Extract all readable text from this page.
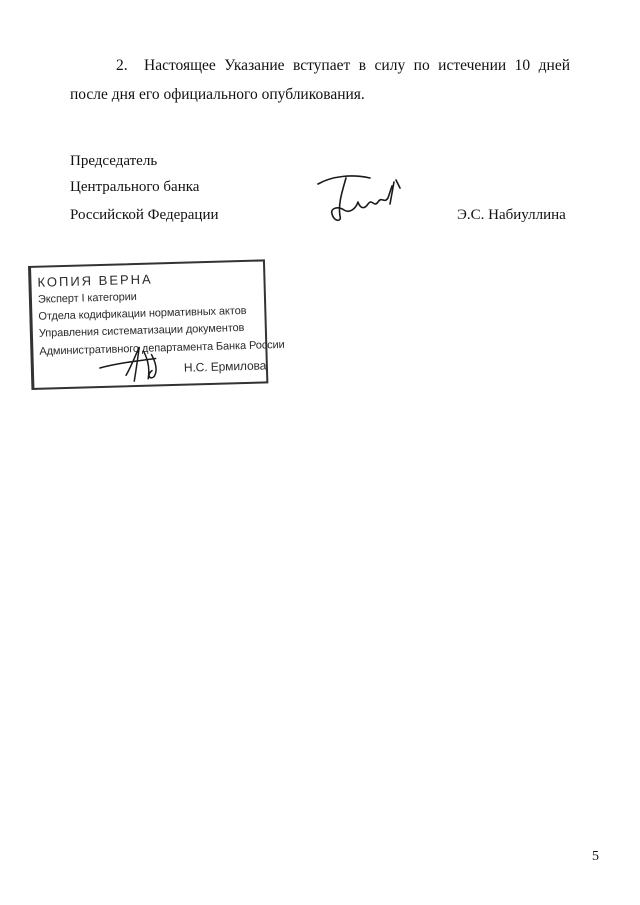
2. Настоящее Указание вступает в силу по истечении 10 дней после дня его официального опубликования.
Председатель
Центрального банка
Российской Федерации	Э.С. Набиуллина
КОПИЯ ВЕРНА
Эксперт I категории
Отдела кодификации нормативных актов
Управления систематизации документов
Административного департамента Банка России
Н.С. Ермилова
5
